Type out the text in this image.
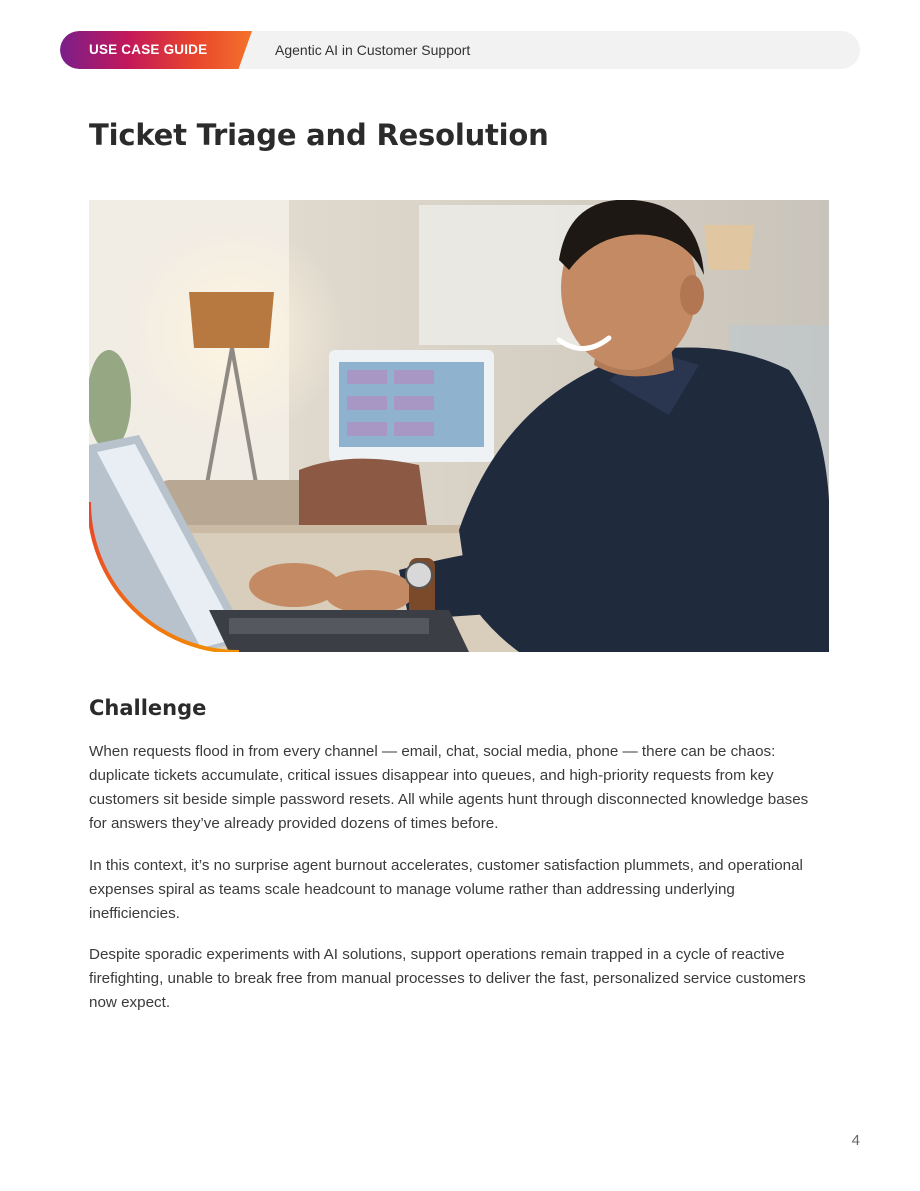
USE CASE GUIDE	Agentic AI in Customer Support
Ticket Triage and Resolution
Challenge

When requests flood in from every channel — email, chat, social media, phone — there can be chaos: duplicate tickets accumulate, critical issues disappear into queues, and high-priority requests from key customers sit beside simple password resets. All while agents hunt through disconnected knowledge bases for answers they’ve already provided dozens of times before.

In this context, it’s no surprise agent burnout accelerates, customer satisfaction plummets, and operational expenses spiral as teams scale headcount to manage volume rather than addressing underlying inefficiencies.

Despite sporadic experiments with AI solutions, support operations remain trapped in a cycle of reactive firefighting, unable to break free from manual processes to deliver the fast, personalized service customers now expect.

4
